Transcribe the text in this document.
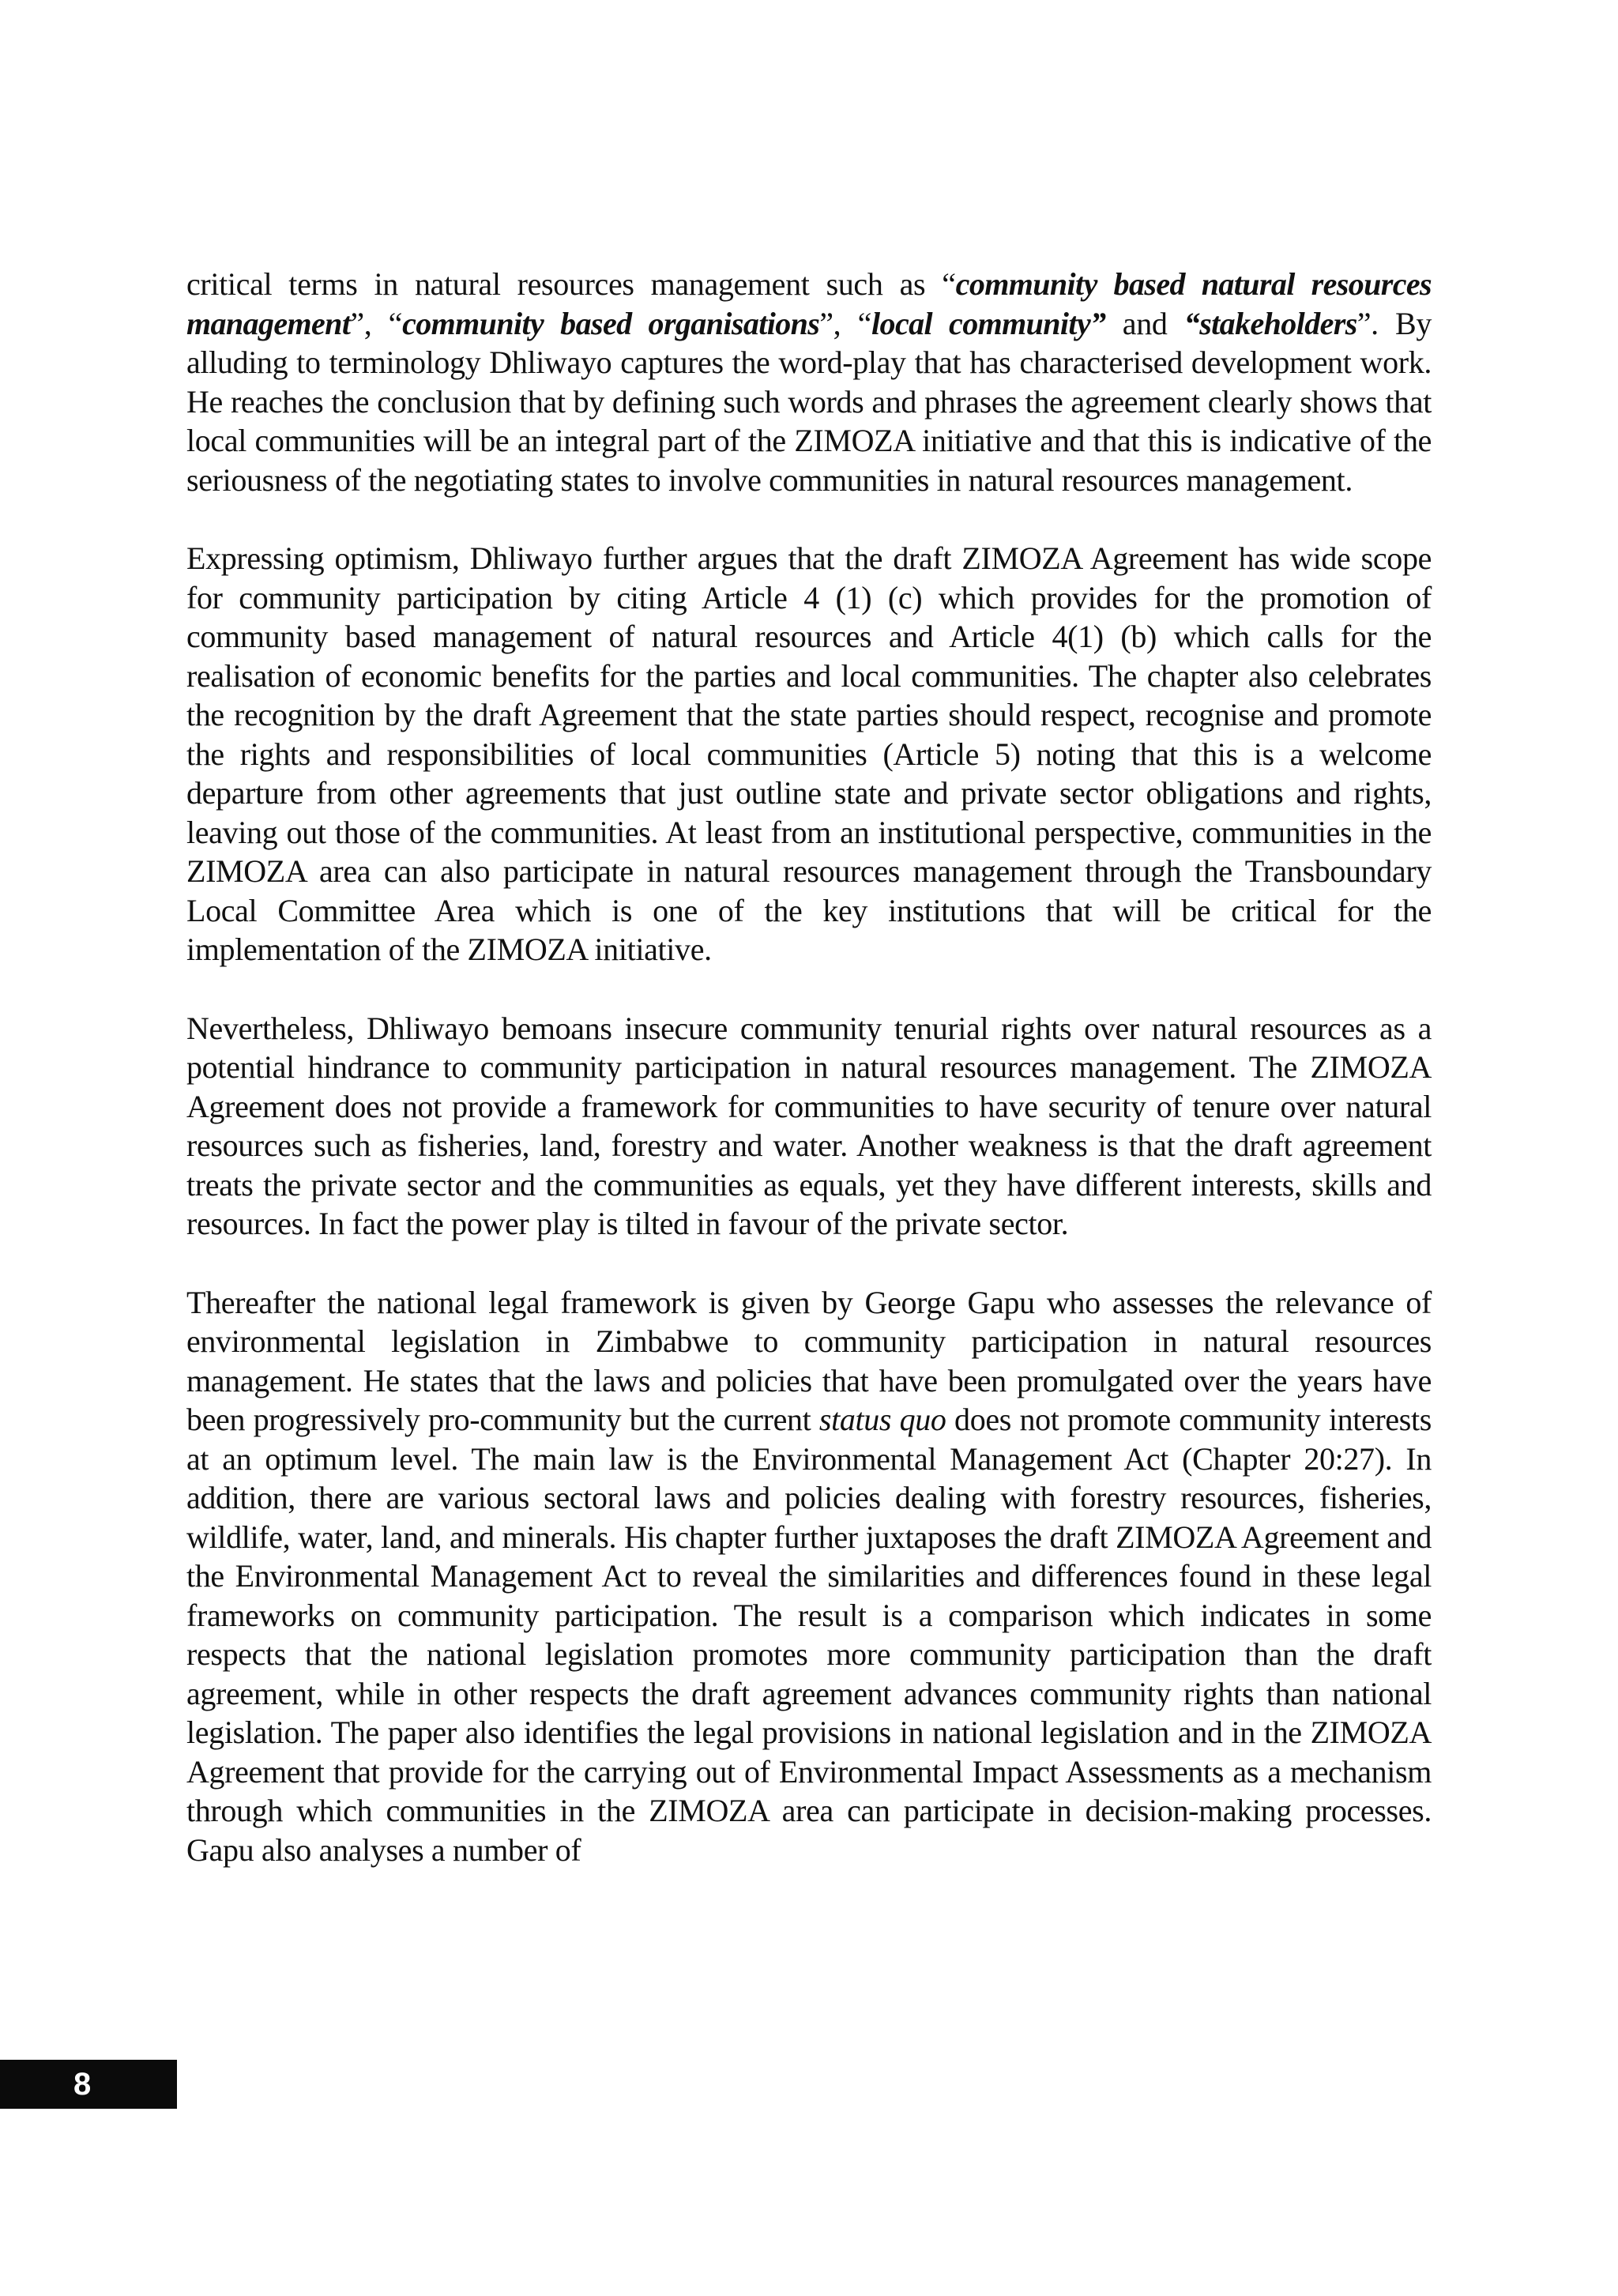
critical terms in natural resources management such as “community based natural resources management”, “community based organisations”, “local community” and “stakeholders”. By alluding to terminology Dhliwayo captures the word-play that has characterised development work. He reaches the conclusion that by defining such words and phrases the agreement clearly shows that local communities will be an integral part of the ZIMOZA initiative and that this is indicative of the seriousness of the negotiating states to involve communities in natural resources management.

Expressing optimism, Dhliwayo further argues that the draft ZIMOZA Agreement has wide scope for community participation by citing Article 4 (1) (c) which provides for the promotion of community based management of natural resources and Article 4(1) (b) which calls for the realisation of economic benefits for the parties and local communities. The chapter also celebrates the recognition by the draft Agreement that the state parties should respect, recognise and promote the rights and responsibilities of local communities (Article 5) noting that this is a welcome departure from other agreements that just outline state and private sector obligations and rights, leaving out those of the communities. At least from an institutional perspective, communities in the ZIMOZA area can also participate in natural resources management through the Transboundary Local Committee Area which is one of the key institutions that will be critical for the implementation of the ZIMOZA initiative.

Nevertheless, Dhliwayo bemoans insecure community tenurial rights over natural resources as a potential hindrance to community participation in natural resources management. The ZIMOZA Agreement does not provide a framework for communities to have security of tenure over natural resources such as fisheries, land, forestry and water. Another weakness is that the draft agreement treats the private sector and the communities as equals, yet they have different interests, skills and resources. In fact the power play is tilted in favour of the private sector.

Thereafter the national legal framework is given by George Gapu who assesses the relevance of environmental legislation in Zimbabwe to community participation in natural resources management. He states that the laws and policies that have been promulgated over the years have been progressively pro-community but the current status quo does not promote community interests at an optimum level. The main law is the Environmental Management Act (Chapter 20:27). In addition, there are various sectoral laws and policies dealing with forestry resources, fisheries, wildlife, water, land, and minerals. His chapter further juxtaposes the draft ZIMOZA Agreement and the Environmental Management Act to reveal the similarities and differences found in these legal frameworks on community participation. The result is a comparison which indicates in some respects that the national legislation promotes more community participation than the draft agreement, while in other respects the draft agreement advances community rights than national legislation. The paper also identifies the legal provisions in national legislation and in the ZIMOZA Agreement that provide for the carrying out of Environmental Impact Assessments as a mechanism through which communities in the ZIMOZA area can participate in decision-making processes. Gapu also analyses a number of

8
